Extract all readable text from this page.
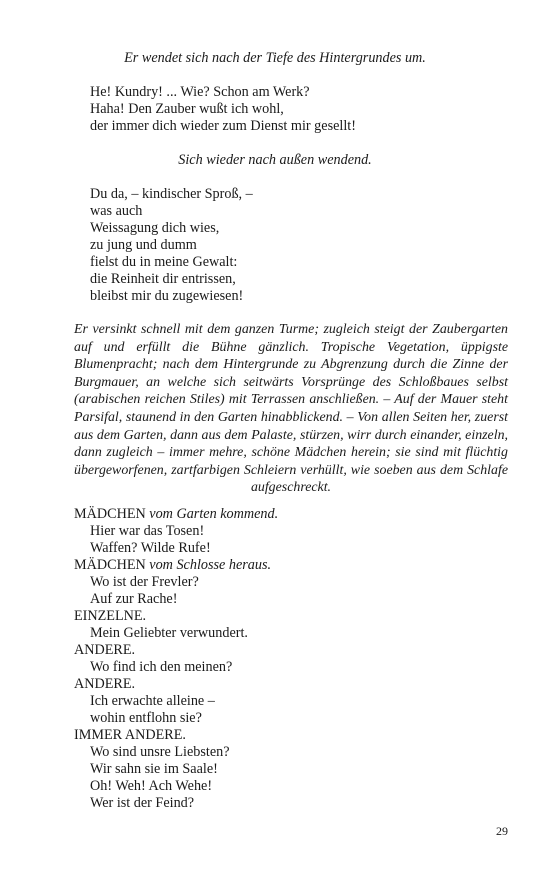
Er wendet sich nach der Tiefe des Hintergrundes um.
He! Kundry! ... Wie? Schon am Werk?
Haha! Den Zauber wußt ich wohl,
der immer dich wieder zum Dienst mir gesellt!
Sich wieder nach außen wendend.
Du da, – kindischer Sproß, –
was auch
Weissagung dich wies,
zu jung und dumm
fielst du in meine Gewalt:
die Reinheit dir entrissen,
bleibst mir du zugewiesen!
Er versinkt schnell mit dem ganzen Turme; zugleich steigt der Zaubergarten auf und erfüllt die Bühne gänzlich. Tropische Vegetation, üppigste Blumenpracht; nach dem Hintergrunde zu Abgrenzung durch die Zinne der Burgmauer, an welche sich seitwärts Vorsprünge des Schloßbaues selbst (arabischen reichen Stiles) mit Terrassen anschließen. – Auf der Mauer steht Parsifal, staunend in den Garten hinabblickend. – Von allen Seiten her, zuerst aus dem Garten, dann aus dem Palaste, stürzen, wirr durch einander, einzeln, dann zugleich – immer mehre, schöne Mädchen herein; sie sind mit flüchtig übergeworfenen, zartfarbigen Schleiern verhüllt, wie soeben aus dem Schlafe aufgeschreckt.
MÄDCHEN vom Garten kommend.
Hier war das Tosen!
Waffen? Wilde Rufe!
MÄDCHEN vom Schlosse heraus.
Wo ist der Frevler?
Auf zur Rache!
EINZELNE.
Mein Geliebter verwundert.
ANDERE.
Wo find ich den meinen?
ANDERE.
Ich erwachte alleine –
wohin entflohn sie?
IMMER ANDERE.
Wo sind unsre Liebsten?
Wir sahn sie im Saale!
Oh! Weh! Ach Wehe!
Wer ist der Feind?
29
